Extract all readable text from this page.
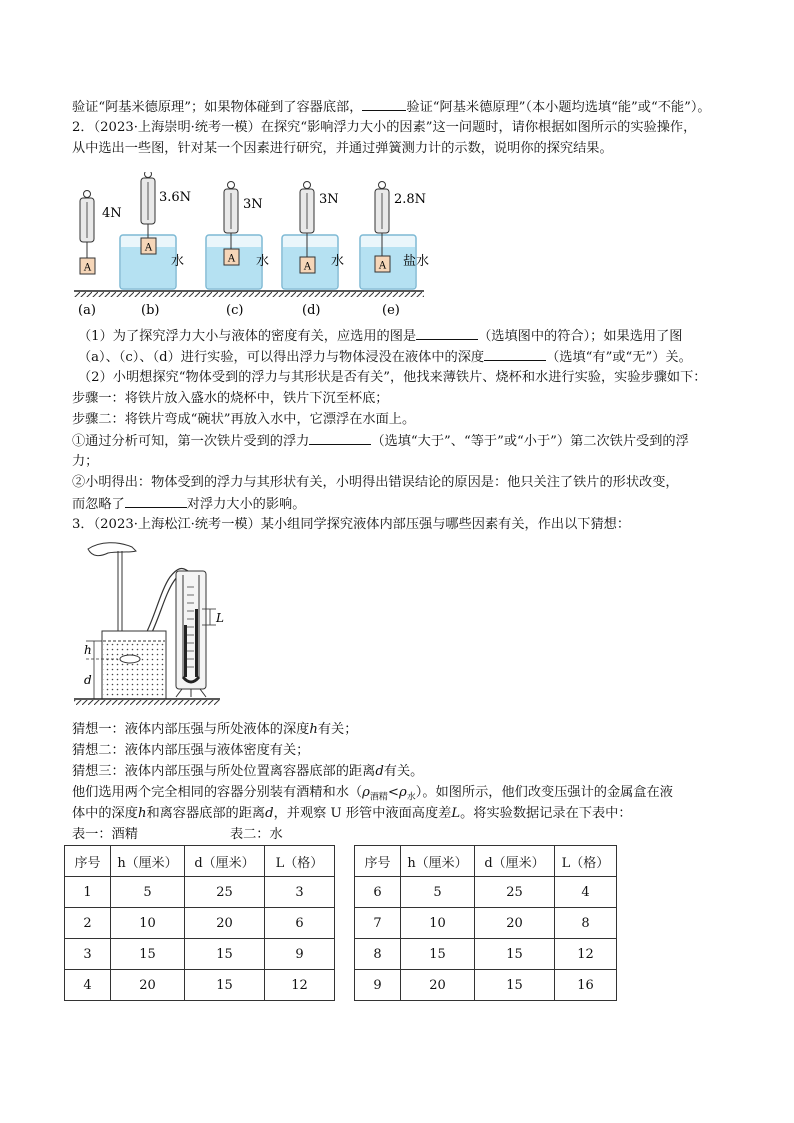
验证“阿基米德原理”；如果物体碰到了容器底部，	验证“阿基米德原理”（本小题均选填“能”或“不能”）。
2．（2023·上海崇明·统考一模）在探究“影响浮力大小的因素”这一问题时，请你根据如图所示的实验操作，
从中选出一些图，针对某一个因素进行研究，并通过弹簧测力计的示数，说明你的探究结果。
A
4N
(a)
A
3.6N
水
(b)
A
3N
水
(c)
A
3N
水
(d)
A
2.8N
盐水
(e)
（1）为了探究浮力大小与液体的密度有关，应选用的图是	（选填图中的符合）；如果选用了图
（a）、（c）、（d）进行实验，可以得出浮力与物体浸没在液体中的深度	（选填“有”或“无”）关。
（2）小明想探究“物体受到的浮力与其形状是否有关”，他找来薄铁片、烧杯和水进行实验，实验步骤如下：
步骤一：将铁片放入盛水的烧杯中，铁片下沉至杯底；
步骤二：将铁片弯成“碗状”再放入水中，它漂浮在水面上。
①通过分析可知，第一次铁片受到的浮力	（选填“大于”、“等于”或“小于”）第二次铁片受到的浮
力；
②小明得出：物体受到的浮力与其形状有关，小明得出错误结论的原因是：他只关注了铁片的形状改变，
而忽略了	对浮力大小的影响。
3．（2023·上海松江·统考一模）某小组同学探究液体内部压强与哪些因素有关，作出以下猜想：
h
d
L
猜想一：液体内部压强与所处液体的深度h有关；
猜想二：液体内部压强与液体密度有关；
猜想三：液体内部压强与所处位置离容器底部的距离d有关。
他们选用两个完全相同的容器分别装有酒精和水$(\rho_{酒精}<\rho_水)$。如图所示，他们改变压强计的金属盒在液
体中的深度h和离容器底部的距离d，并观察 U 形管中液面高度差L。将实验数据记录在下表中：
表一：酒精	表二：水
序号	h（厘米）	d（厘米）	L（格）		序号	h（厘米）	d（厘米）	L（格）
1	5	25	3		6	5	25	4
2	10	20	6		7	10	20	8
3	15	15	9		8	15	15	12
4	20	15	12		9	20	15	16
